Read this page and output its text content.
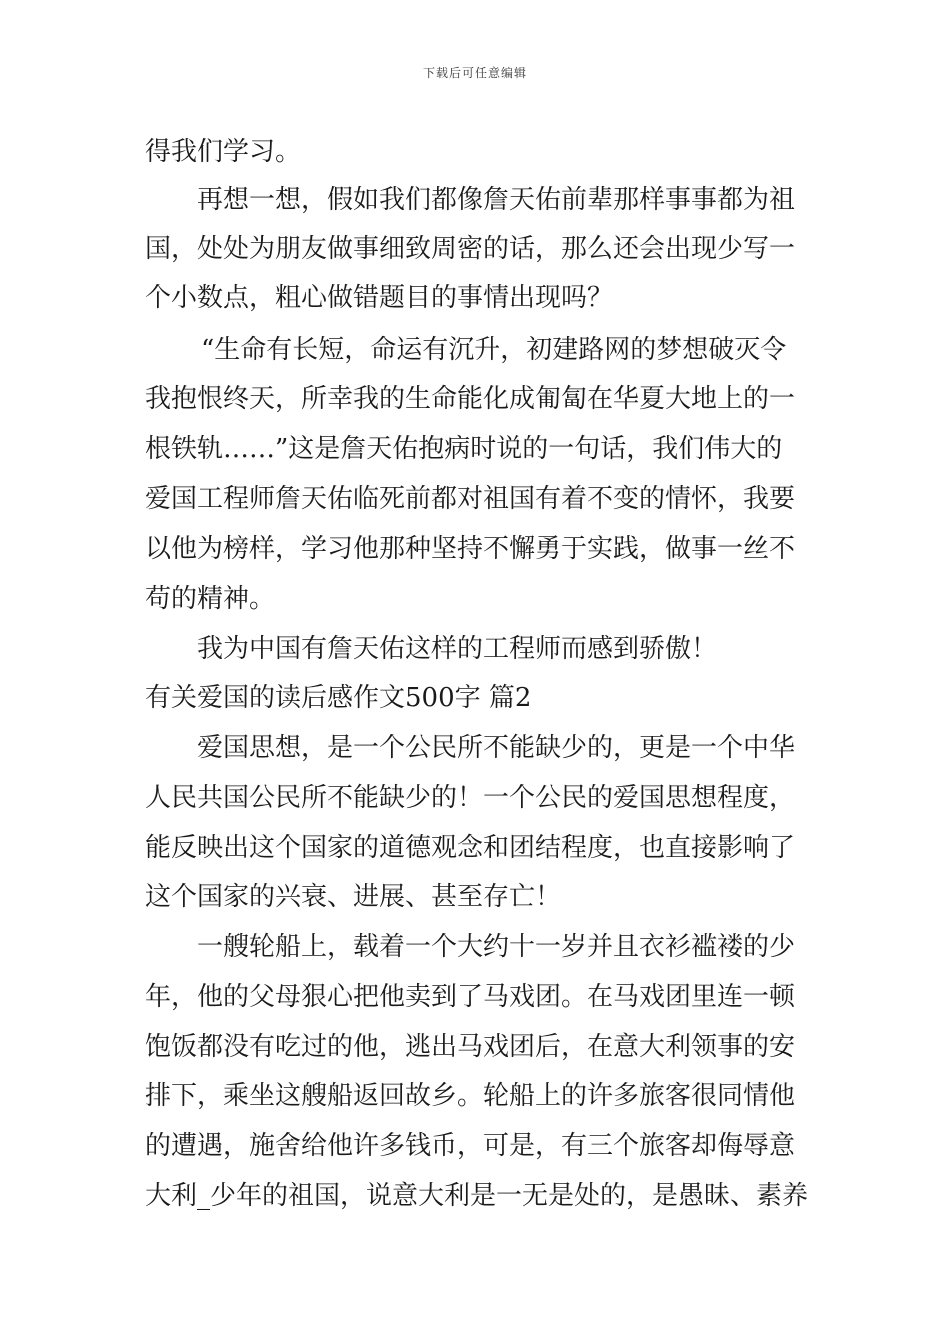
下载后可任意编辑
得我们学习。
再想一想，假如我们都像詹天佑前辈那样事事都为祖
国，处处为朋友做事细致周密的话，那么还会出现少写一
个小数点，粗心做错题目的事情出现吗？
“生命有长短，命运有沉升，初建路网的梦想破灭令
我抱恨终天，所幸我的生命能化成匍匐在华夏大地上的一
根铁轨……”这是詹天佑抱病时说的一句话，我们伟大的
爱国工程师詹天佑临死前都对祖国有着不变的情怀，我要
以他为榜样，学习他那种坚持不懈勇于实践，做事一丝不
苟的精神。
我为中国有詹天佑这样的工程师而感到骄傲！
有关爱国的读后感作文500字 篇2
爱国思想，是一个公民所不能缺少的，更是一个中华
人民共国公民所不能缺少的！一个公民的爱国思想程度，
能反映出这个国家的道德观念和团结程度，也直接影响了
这个国家的兴衰、进展、甚至存亡！
一艘轮船上，载着一个大约十一岁并且衣衫褴褛的少
年，他的父母狠心把他卖到了马戏团。在马戏团里连一顿
饱饭都没有吃过的他，逃出马戏团后，在意大利领事的安
排下，乘坐这艘船返回故乡。轮船上的许多旅客很同情他
的遭遇，施舍给他许多钱币，可是，有三个旅客却侮辱意
大利_少年的祖国，说意大利是一无是处的，是愚昧、素养
